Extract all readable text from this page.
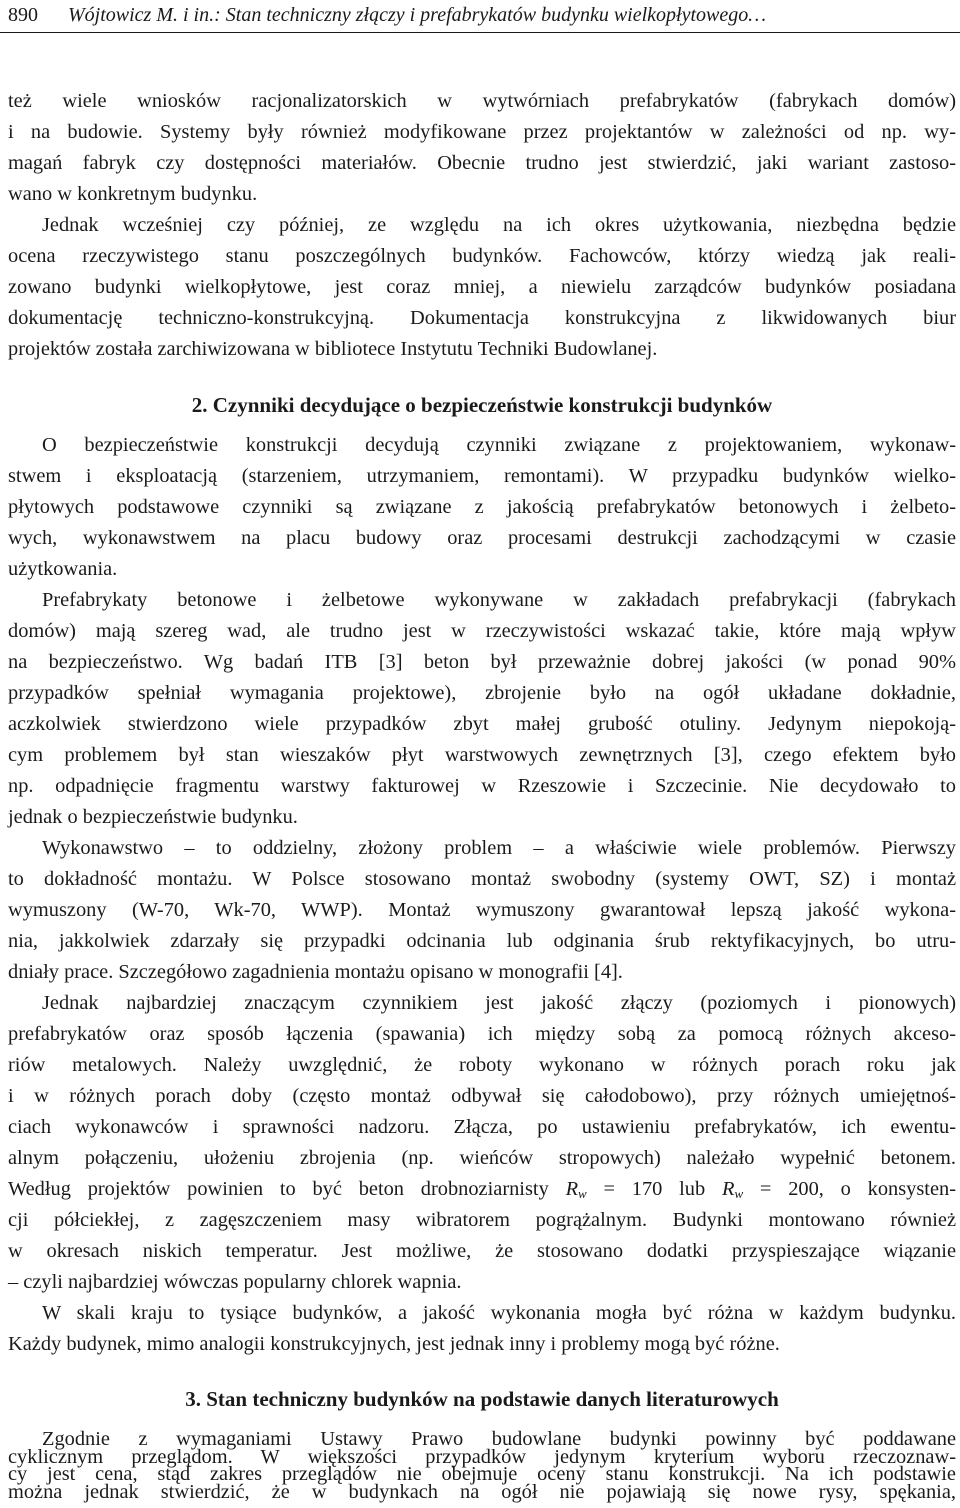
890 Wójtowicz M. i in.: Stan techniczny złączy i prefabrykatów budynku wielkopłytowego…
też wiele wniosków racjonalizatorskich w wytwórniach prefabrykatów (fabrykach domów)
i na budowie. Systemy były również modyfikowane przez projektantów w zależności od np. wy-
magań fabryk czy dostępności materiałów. Obecnie trudno jest stwierdzić, jaki wariant zastoso-
wano w konkretnym budynku.
Jednak wcześniej czy później, ze względu na ich okres użytkowania, niezbędna będzie
ocena rzeczywistego stanu poszczególnych budynków. Fachowców, którzy wiedzą jak reali-
zowano budynki wielkopłytowe, jest coraz mniej, a niewielu zarządców budynków posiadana
dokumentację techniczno-konstrukcyjną. Dokumentacja konstrukcyjna z likwidowanych biur
projektów została zarchiwizowana w bibliotece Instytutu Techniki Budowlanej.
2. Czynniki decydujące o bezpieczeństwie konstrukcji budynków
O bezpieczeństwie konstrukcji decydują czynniki związane z projektowaniem, wykonaw-
stwem i eksploatacją (starzeniem, utrzymaniem, remontami). W przypadku budynków wielko-
płytowych podstawowe czynniki są związane z jakością prefabrykatów betonowych i żelbeto-
wych, wykonawstwem na placu budowy oraz procesami destrukcji zachodzącymi w czasie
użytkowania.
Prefabrykaty betonowe i żelbetowe wykonywane w zakładach prefabrykacji (fabrykach
domów) mają szereg wad, ale trudno jest w rzeczywistości wskazać takie, które mają wpływ
na bezpieczeństwo. Wg badań ITB [3] beton był przeważnie dobrej jakości (w ponad 90%
przypadków spełniał wymagania projektowe), zbrojenie było na ogół układane dokładnie,
aczkolwiek stwierdzono wiele przypadków zbyt małej grubość otuliny. Jedynym niepokoją-
cym problemem był stan wieszaków płyt warstwowych zewnętrznych [3], czego efektem było
np. odpadnięcie fragmentu warstwy fakturowej w Rzeszowie i Szczecinie. Nie decydowało to
jednak o bezpieczeństwie budynku.
Wykonawstwo – to oddzielny, złożony problem – a właściwie wiele problemów. Pierwszy
to dokładność montażu. W Polsce stosowano montaż swobodny (systemy OWT, SZ) i montaż
wymuszony (W-70, Wk-70, WWP). Montaż wymuszony gwarantował lepszą jakość wykona-
nia, jakkolwiek zdarzały się przypadki odcinania lub odginania śrub rektyfikacyjnych, bo utru-
dniały prace. Szczegółowo zagadnienia montażu opisano w monografii [4].
Jednak najbardziej znaczącym czynnikiem jest jakość złączy (poziomych i pionowych)
prefabrykatów oraz sposób łączenia (spawania) ich między sobą za pomocą różnych akceso-
riów metalowych. Należy uwzględnić, że roboty wykonano w różnych porach roku jak
i w różnych porach doby (często montaż odbywał się całodobowo), przy różnych umiejętnoś-
ciach wykonawców i sprawności nadzoru. Złącza, po ustawieniu prefabrykatów, ich ewentu-
alnym połączeniu, ułożeniu zbrojenia (np. wieńców stropowych) należało wypełnić betonem.
Według projektów powinien to być beton drobnoziarnisty $R_w = 170$ lub $R_w = 200$, o konsysten-
cji półciekłej, z zagęszczeniem masy wibratorem pogrążalnym. Budynki montowano również
w okresach niskich temperatur. Jest możliwe, że stosowano dodatki przyspieszające wiązanie
– czyli najbardziej wówczas popularny chlorek wapnia.
W skali kraju to tysiące budynków, a jakość wykonania mogła być różna w każdym budynku.
Każdy budynek, mimo analogii konstrukcyjnych, jest jednak inny i problemy mogą być różne.
3. Stan techniczny budynków na podstawie danych literaturowych
Zgodnie z wymaganiami Ustawy Prawo budowlane budynki powinny być poddawane
cyklicznym przeglądom. W większości przypadków jedynym kryterium wyboru rzeczoznaw-
cy jest cena, stąd zakres przeglądów nie obejmuje oceny stanu konstrukcji. Na ich podstawie
można jednak stwierdzić, że w budynkach na ogół nie pojawiają się nowe rysy, spękania,
